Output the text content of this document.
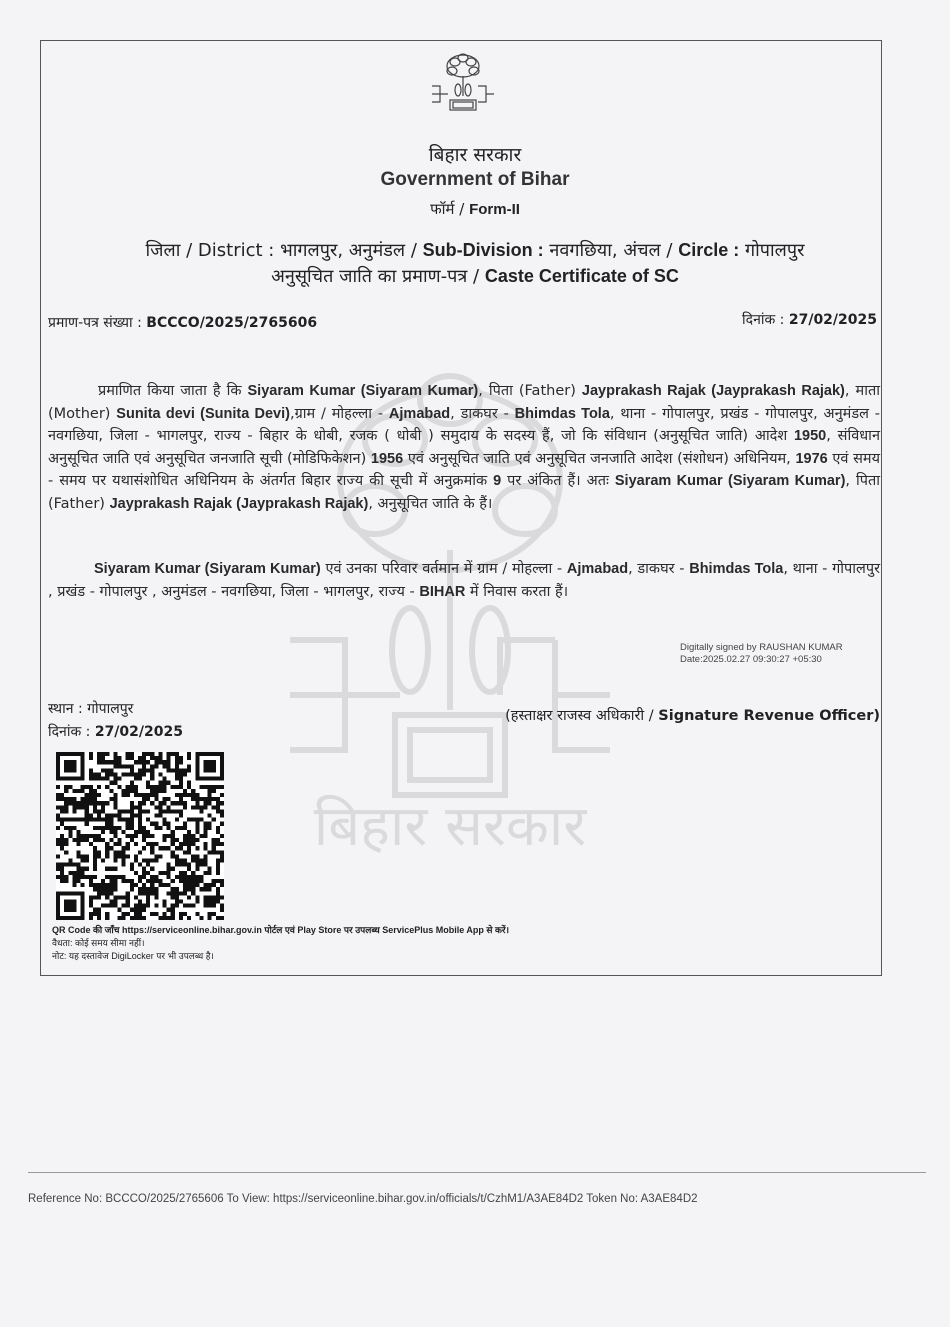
बिहार सरकार
बिहार सरकार
Government of Bihar
फॉर्म / Form-II
जिला / District : भागलपुर, अनुमंडल / Sub-Division : नवगछिया, अंचल / Circle : गोपालपुर
अनुसूचित जाति का प्रमाण-पत्र / Caste Certificate of SC
प्रमाण-पत्र संख्या : BCCCO/2025/2765606	दिनांक : 27/02/2025
प्रमाणित किया जाता है कि Siyaram Kumar (Siyaram Kumar), पिता (Father) Jayprakash Rajak (Jayprakash Rajak), माता (Mother) Sunita devi (Sunita Devi),ग्राम / मोहल्ला - Ajmabad, डाकघर - Bhimdas Tola, थाना - गोपालपुर, प्रखंड - गोपालपुर, अनुमंडल - नवगछिया, जिला - भागलपुर, राज्य - बिहार के धोबी, रजक ( धोबी ) समुदाय के सदस्य हैं, जो कि संविधान (अनुसूचित जाति) आदेश 1950, संविधान अनुसूचित जाति एवं अनुसूचित जनजाति सूची (मोडिफिकेशन) 1956 एवं अनुसूचित जाति एवं अनुसूचित जनजाति आदेश (संशोधन) अधिनियम, 1976 एवं समय - समय पर यथासंशोधित अधिनियम के अंतर्गत बिहार राज्य की सूची में अनुक्रमांक 9 पर अंकित हैं। अतः Siyaram Kumar (Siyaram Kumar), पिता (Father) Jayprakash Rajak (Jayprakash Rajak), अनुसूचित जाति के हैं।
Siyaram Kumar (Siyaram Kumar) एवं उनका परिवार वर्तमान में ग्राम / मोहल्ला - Ajmabad, डाकघर - Bhimdas Tola, थाना - गोपालपुर , प्रखंड - गोपालपुर , अनुमंडल - नवगछिया, जिला - भागलपुर, राज्य - BIHAR में निवास करता हैं।
Digitally signed by RAUSHAN KUMAR
Date:2025.02.27 09:30:27 +05:30
स्थान : गोपालपुर
दिनांक : 27/02/2025
(हस्ताक्षर राजस्व अधिकारी / Signature Revenue Officer)
QR Code की जाँच https://serviceonline.bihar.gov.in पोर्टल एवं Play Store पर उपलब्ध ServicePlus Mobile App से करें।
वैधता: कोई समय सीमा नहीं।
नोट: यह दस्तावेज DigiLocker पर भी उपलब्ध है।
Reference No: BCCCO/2025/2765606 To View: https://serviceonline.bihar.gov.in/officials/t/CzhM1/A3AE84D2 Token No: A3AE84D2
